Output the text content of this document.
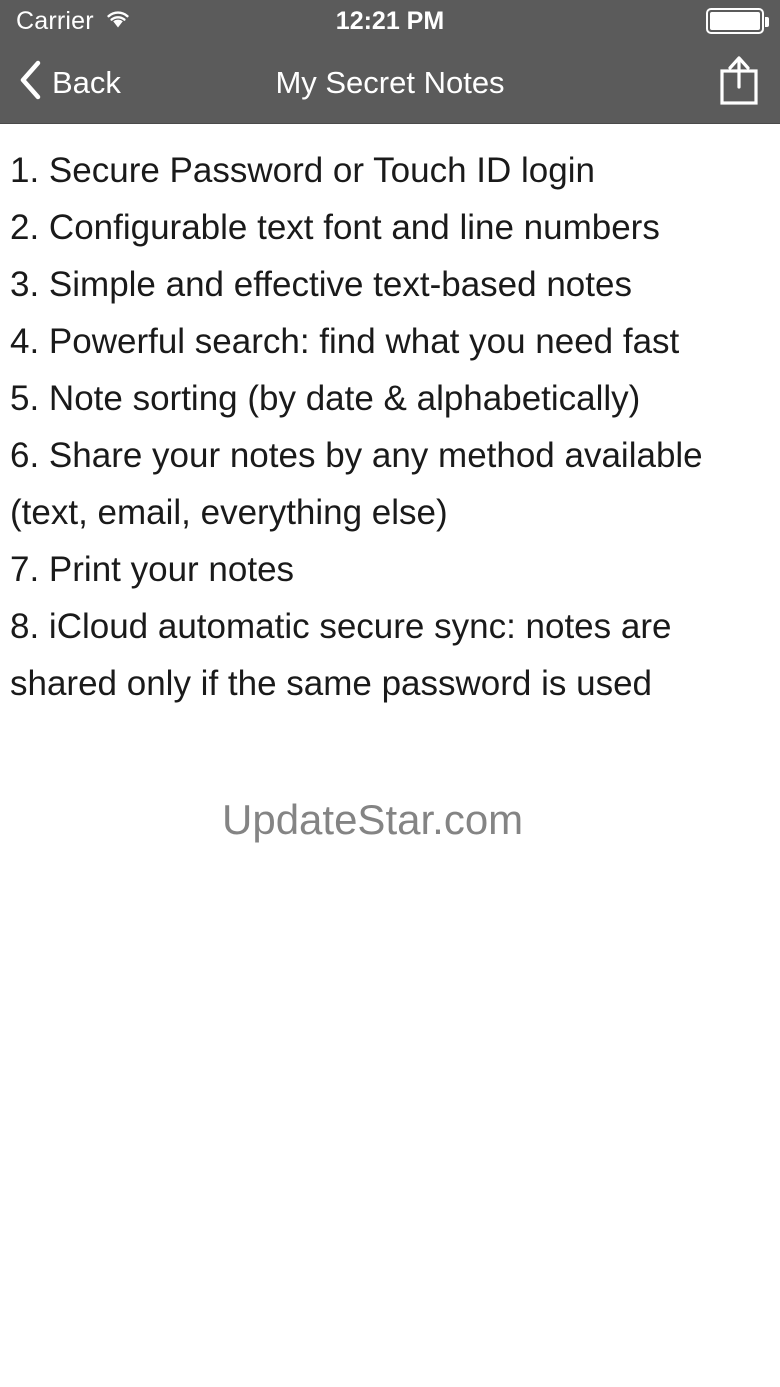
Carrier	12:21 PM
Back	My Secret Notes
1. Secure Password or Touch ID login
2. Configurable text font and line numbers
3. Simple and effective text-based notes
4. Powerful search: find what you need fast
5. Note sorting (by date & alphabetically)
6. Share your notes by any method available
(text, email, everything else)
7. Print your notes
8. iCloud automatic secure sync: notes are
shared only if the same password is used
UpdateStar.com
